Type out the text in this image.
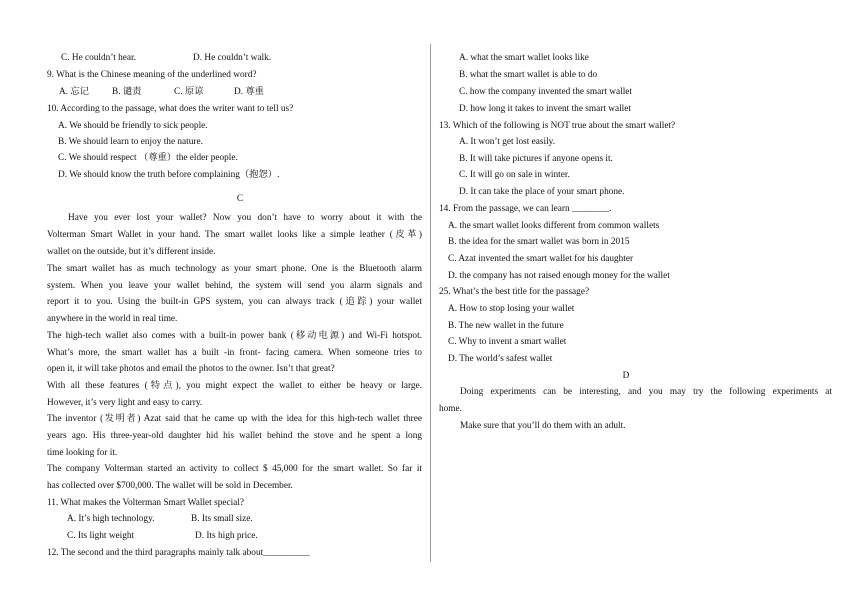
C. He couldn’t hear.	D. He couldn’t walk.
9. What is the Chinese meaning of the underlined word?
A. 忘记 B. 谴责	C. 原谅	D. 尊重
10. According to the passage, what does the writer want to tell us?
A. We should be friendly to sick people.
B. We should learn to enjoy the nature.
C. We should respect （尊重）the elder people.
D. We should know the truth before complaining（抱怨）.
C
Have you ever lost your wallet? Now you don’t have to worry about it with the
Volterman Smart Wallet in your hand. The smart wallet looks like a simple leather (皮革)
wallet on the outside, but it’s different inside.
The smart wallet has as much technology as your smart phone. One is the Bluetooth alarm
system. When you leave your wallet behind, the system will send you alarm signals and
report it to you. Using the built-in GPS system, you can always track (追踪) your wallet
anywhere in the world in real time.
The high-tech wallet also comes with a built-in power bank (移动电源) and Wi-Fi hotspot.
What’s more, the smart wallet has a built -in front- facing camera. When someone tries to
open it, it will take photos and email the photos to the owner. Isn’t that great?
With all these features (特点), you might expect the wallet to either be heavy or large.
However, it’s very light and easy to carry.
The inventor (发明者) Azat said that he came up with the idea for this high-tech wallet three
years ago. His three-year-old daughter hid his wallet behind the stove and he spent a long
time looking for it.
The company Volterman started an activity to collect $ 45,000 for the smart wallet. So far it
has collected over $700,000. The wallet will be sold in December.
11. What makes the Volterman Smart Wallet special?
A. It’s high technology.	B. Its small size.
C. Its light weight	D. Its high price.
12. The second and the third paragraphs mainly talk about__________
A. what the smart wallet looks like
B. what the smart wallet is able to do
C. how the company invented the smart wallet
D. how long it takes to invent the smart wallet
13. Which of the following is NOT true about the smart wallet?
A. It won’t get lost easily.
B. It will take pictures if anyone opens it.
C. It will go on sale in winter.
D. It can take the place of your smart phone.
14. From the passage, we can learn ________.
A. the smart wallet looks different from common wallets
B. the idea for the smart wallet was born in 2015
C. Azat invented the smart wallet for his daughter
D. the company has not raised enough money for the wallet
25. What’s the best title for the passage?
A. How to stop losing your wallet
B. The new wallet in the future
C. Why to invent a smart wallet
D. The world’s safest wallet
D
Doing experiments can be interesting, and you may try the following experiments at
home.
Make sure that you’ll do them with an adult.
